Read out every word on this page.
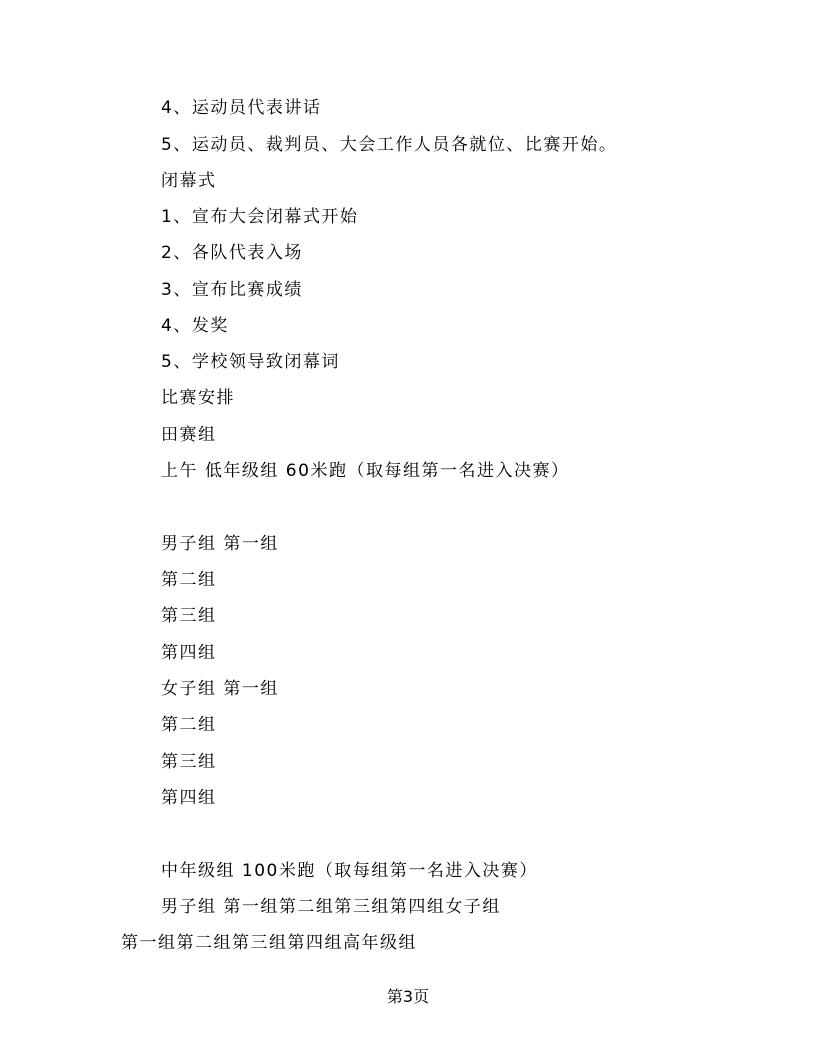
4、运动员代表讲话

5、运动员、裁判员、大会工作人员各就位、比赛开始。

闭幕式

1、宣布大会闭幕式开始

2、各队代表入场

3、宣布比赛成绩

4、发奖

5、学校领导致闭幕词

比赛安排

田赛组

上午 低年级组 60米跑（取每组第一名进入决赛）

男子组 第一组

第二组

第三组

第四组

女子组 第一组

第二组

第三组

第四组

中年级组 100米跑（取每组第一名进入决赛）

男子组 第一组第二组第三组第四组女子组

第一组第二组第三组第四组高年级组

第3页
